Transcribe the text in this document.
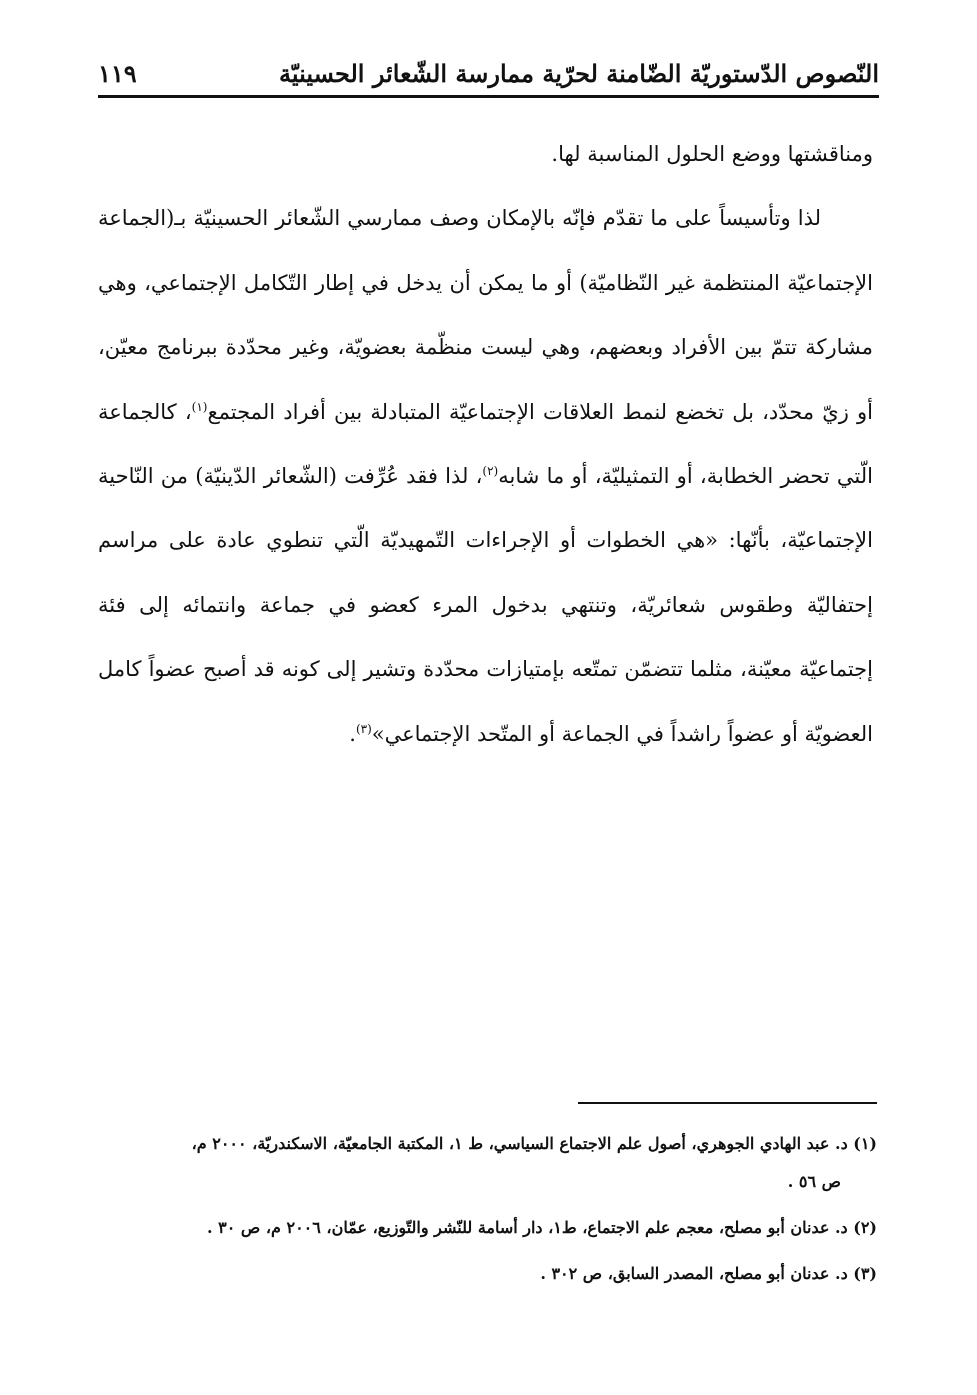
النّصوص الدّستوريّة الضّامنة لحرّية ممارسة الشّعائر الحسينيّة
١١٩

ومناقشتها ووضع الحلول المناسبة لها.

لذا وتأسيساً على ما تقدّم فإنّه بالإمكان وصف ممارسي الشّعائر الحسينيّة بـ(الجماعة الإجتماعيّة المنتظمة غير النّظاميّة) أو ما يمكن أن يدخل في إطار التّكامل الإجتماعي، وهي مشاركة تتمّ بين الأفراد وبعضهم، وهي ليست منظّمة بعضويّة، وغير محدّدة ببرنامج معيّن، أو زيّ محدّد، بل تخضع لنمط العلاقات الإجتماعيّة المتبادلة بين أفراد المجتمع$^{(١)}$، كالجماعة الّتي تحضر الخطابة، أو التمثيليّة، أو ما شابه$^{(٢)}$، لذا فقد عُرِّفت (الشّعائر الدّينيّة) من النّاحية الإجتماعيّة، بأنّها: «هي الخطوات أو الإجراءات التّمهيديّة الّتي تنطوي عادة على مراسم إحتفاليّة وطقوس شعائريّة، وتنتهي بدخول المرء كعضو في جماعة وانتمائه إلى فئة إجتماعيّة معيّنة، مثلما تتضمّن تمتّعه بإمتيازات محدّدة وتشير إلى كونه قد أصبح عضواً كامل العضويّة أو عضواً راشداً في الجماعة أو المتّحد الإجتماعي»$^{(٣)}$.

(١) د. عبد الهادي الجوهري، أصول علم الاجتماع السياسي، ط ١، المكتبة الجامعيّة، الاسكندريّة، ٢٠٠٠ م،
ص ٥٦ .

(٢) د. عدنان أبو مصلح، معجم علم الاجتماع، ط١، دار أسامة للنّشر والتّوزيع، عمّان، ٢٠٠٦ م، ص ٣٠ .

(٣) د. عدنان أبو مصلح، المصدر السابق، ص ٣٠٢ .
